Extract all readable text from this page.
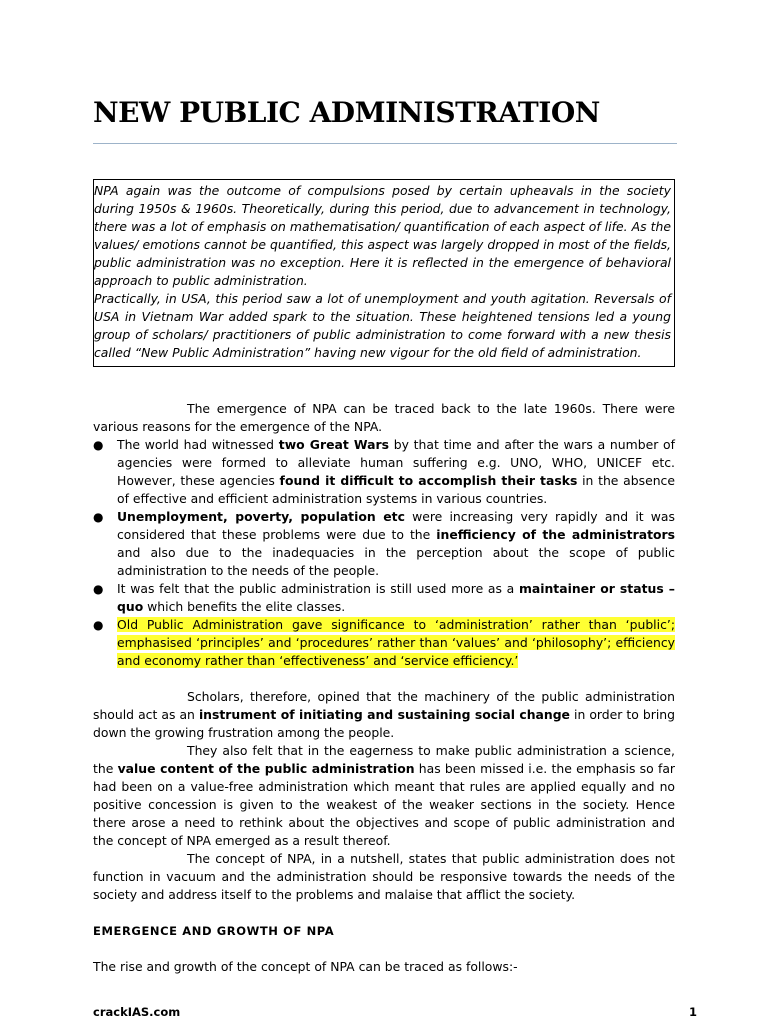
NEW PUBLIC ADMINISTRATION

NPA again was the outcome of compulsions posed by certain upheavals in the society during 1950s & 1960s. Theoretically, during this period, due to advancement in technology, there was a lot of emphasis on mathematisation/ quantification of each aspect of life. As the values/ emotions cannot be quantified, this aspect was largely dropped in most of the fields, public administration was no exception. Here it is reflected in the emergence of behavioral approach to public administration.

Practically, in USA, this period saw a lot of unemployment and youth agitation. Reversals of USA in Vietnam War added spark to the situation. These heightened tensions led a young group of scholars/ practitioners of public administration to come forward with a new thesis called “New Public Administration” having new vigour for the old field of administration.

The emergence of NPA can be traced back to the late 1960s. There were various reasons for the emergence of the NPA.

● The world had witnessed two Great Wars by that time and after the wars a number of agencies were formed to alleviate human suffering e.g. UNO, WHO, UNICEF etc. However, these agencies found it difficult to accomplish their tasks in the absence of effective and efficient administration systems in various countries.
● Unemployment, poverty, population etc were increasing very rapidly and it was considered that these problems were due to the inefficiency of the administrators and also due to the inadequacies in the perception about the scope of public administration to the needs of the people.
● It was felt that the public administration is still used more as a maintainer or status – quo which benefits the elite classes.
● Old Public Administration gave significance to ‘administration’ rather than ‘public’; emphasised ‘principles’ and ‘procedures’ rather than ‘values’ and ‘philosophy’; efficiency and economy rather than ‘effectiveness’ and ‘service efficiency.’

Scholars, therefore, opined that the machinery of the public administration should act as an instrument of initiating and sustaining social change in order to bring down the growing frustration among the people.

They also felt that in the eagerness to make public administration a science, the value content of the public administration has been missed i.e. the emphasis so far had been on a value-free administration which meant that rules are applied equally and no positive concession is given to the weakest of the weaker sections in the society. Hence there arose a need to rethink about the objectives and scope of public administration and the concept of NPA emerged as a result thereof.

The concept of NPA, in a nutshell, states that public administration does not function in vacuum and the administration should be responsive towards the needs of the society and address itself to the problems and malaise that afflict the society.

EMERGENCE AND GROWTH OF NPA
The rise and growth of the concept of NPA can be traced as follows:-
crackIAS.com	1
